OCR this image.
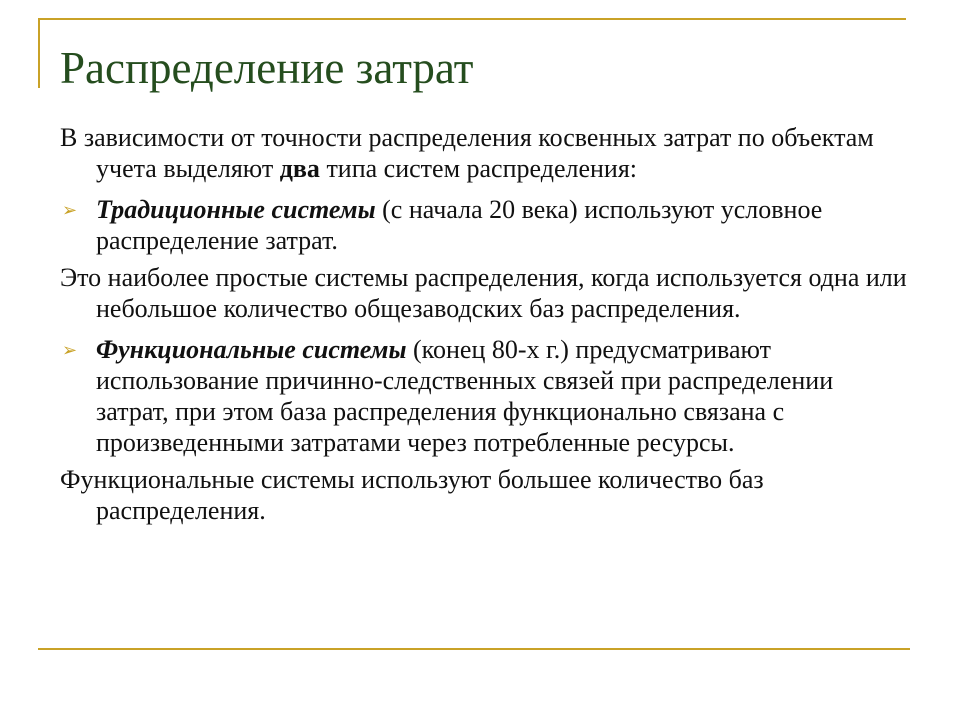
Распределение затрат

В зависимости от точности распределения косвенных затрат по объектам учета выделяют два типа систем распределения:

➢ Традиционные системы (с начала 20 века) используют условное распределение затрат.

Это наиболее простые системы распределения, когда используется одна или небольшое количество общезаводских баз распределения.

➢ Функциональные системы (конец 80-х г.) предусматривают использование причинно-следственных связей при распределении затрат, при этом база распределения функционально связана с произведенными затратами через потребленные ресурсы.

Функциональные системы используют большее количество баз распределения.
